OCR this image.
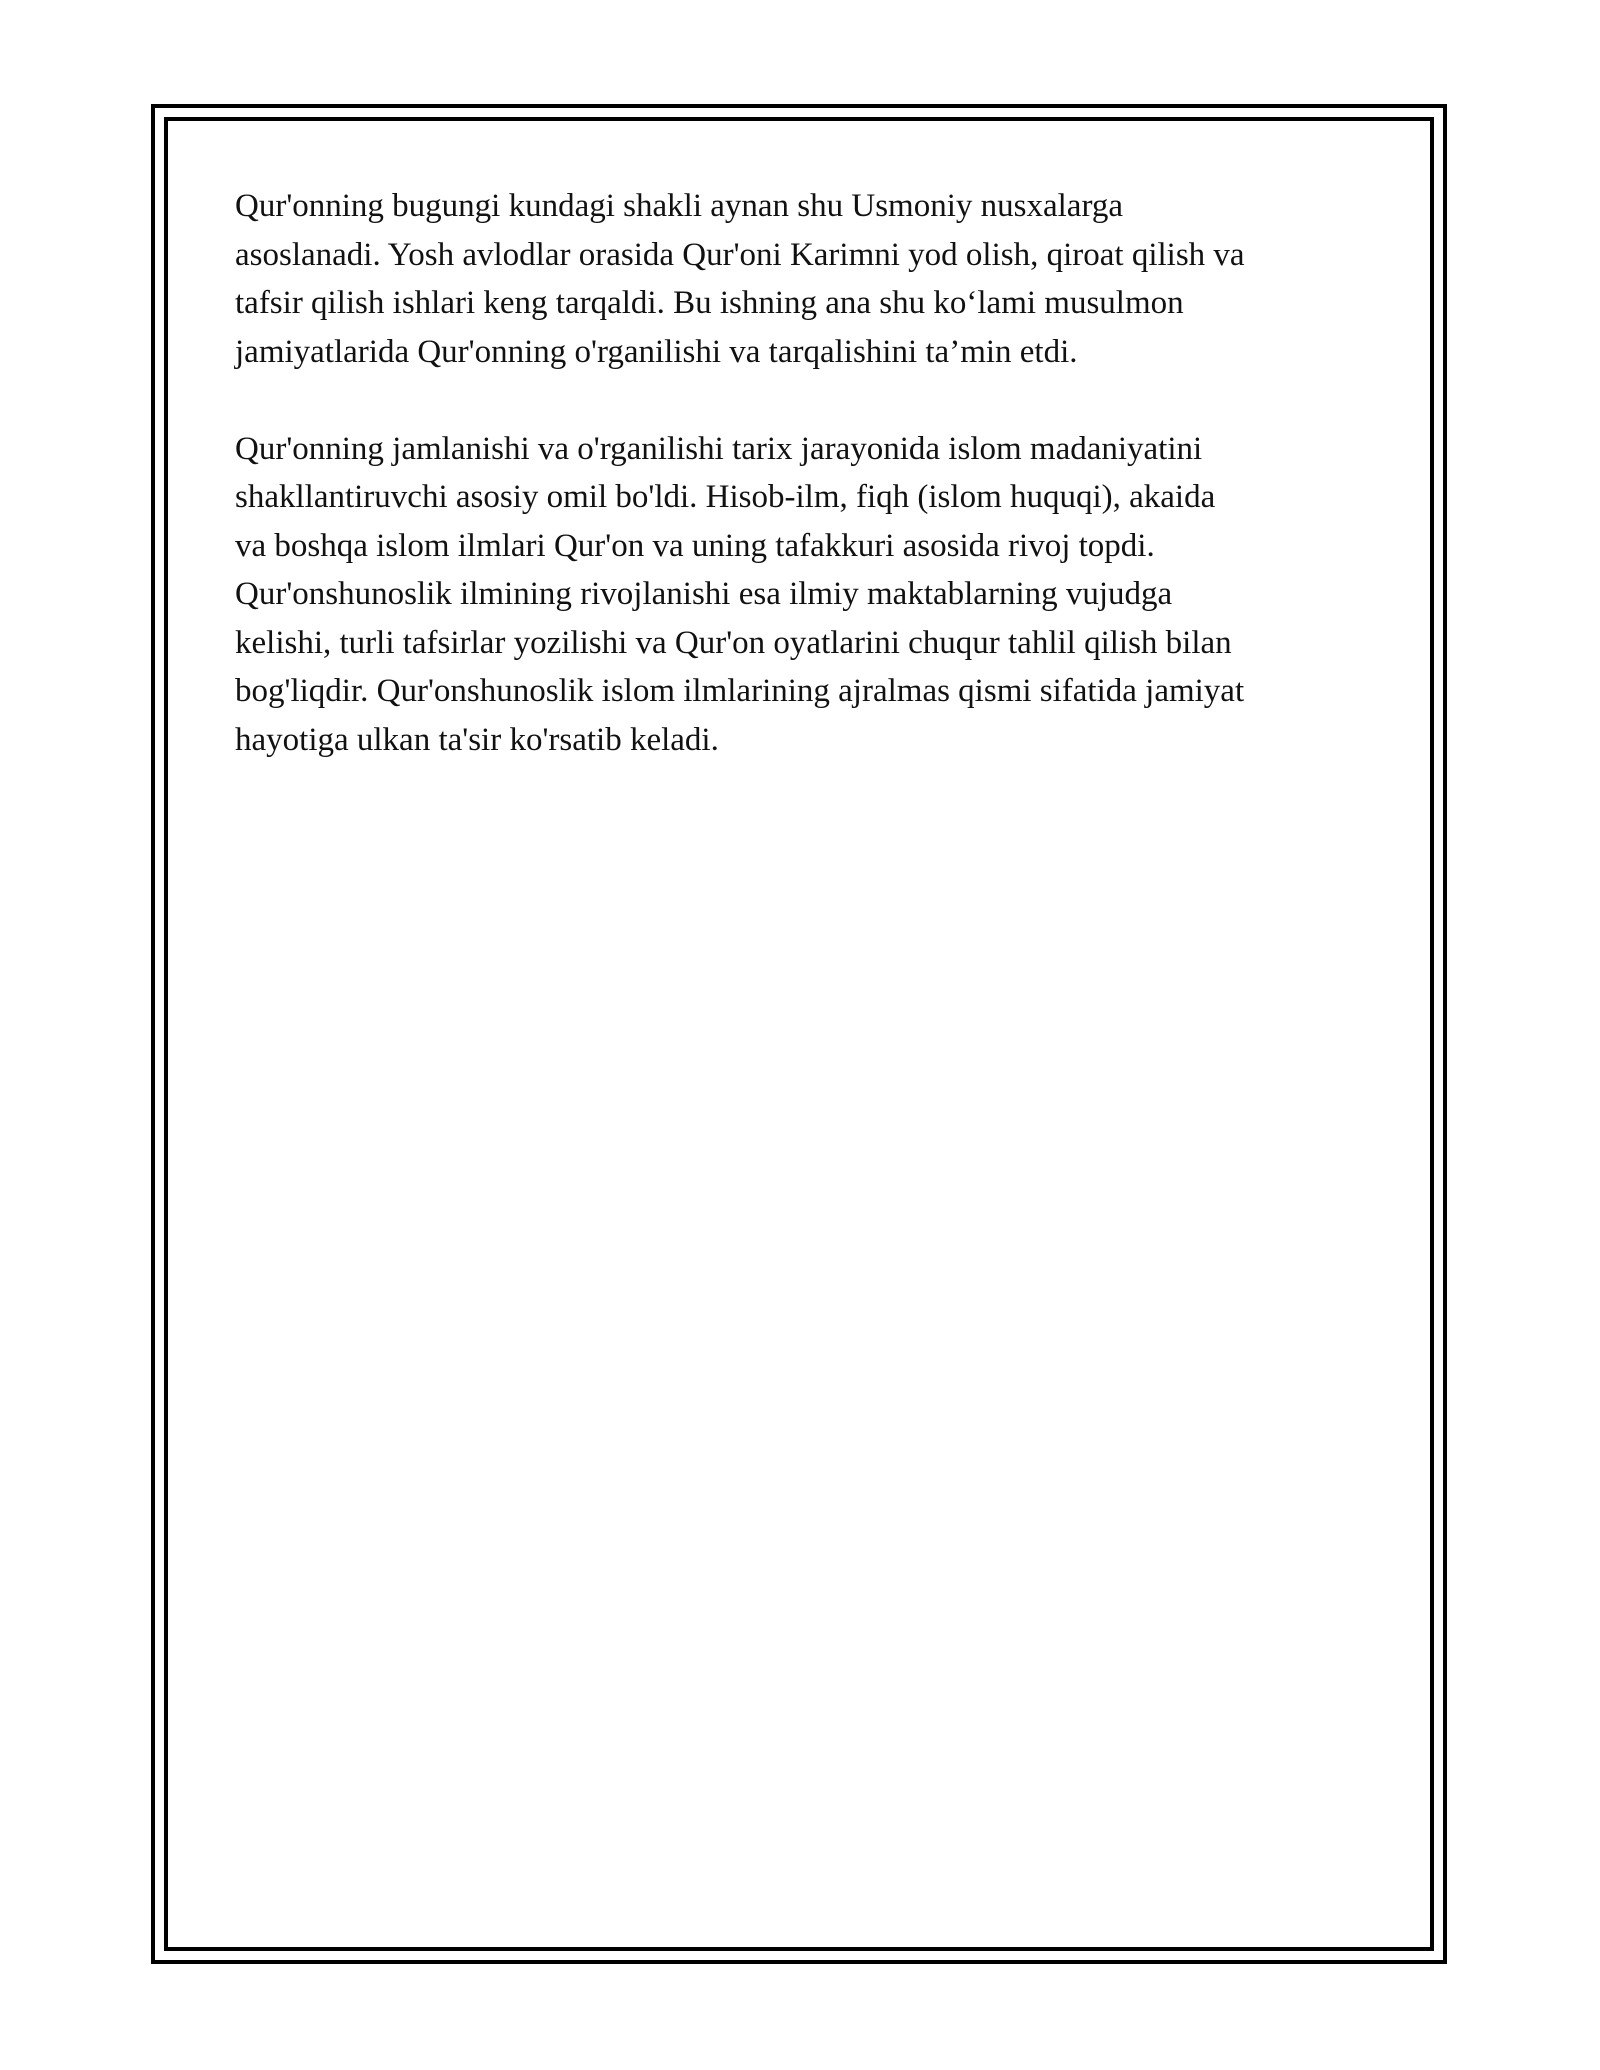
Qur'onning bugungi kundagi shakli aynan shu Usmoniy nusxalarga
asoslanadi. Yosh avlodlar orasida Qur'oni Karimni yod olish, qiroat qilish va
tafsir qilish ishlari keng tarqaldi. Bu ishning ana shu ko‘lami musulmon
jamiyatlarida Qur'onning o'rganilishi va tarqalishini ta’min etdi.

Qur'onning jamlanishi va o'rganilishi tarix jarayonida islom madaniyatini
shakllantiruvchi asosiy omil bo'ldi. Hisob-ilm, fiqh (islom huquqi), akaida
va boshqa islom ilmlari Qur'on va uning tafakkuri asosida rivoj topdi.
Qur'onshunoslik ilmining rivojlanishi esa ilmiy maktablarning vujudga
kelishi, turli tafsirlar yozilishi va Qur'on oyatlarini chuqur tahlil qilish bilan
bog'liqdir. Qur'onshunoslik islom ilmlarining ajralmas qismi sifatida jamiyat
hayotiga ulkan ta'sir ko'rsatib keladi.
